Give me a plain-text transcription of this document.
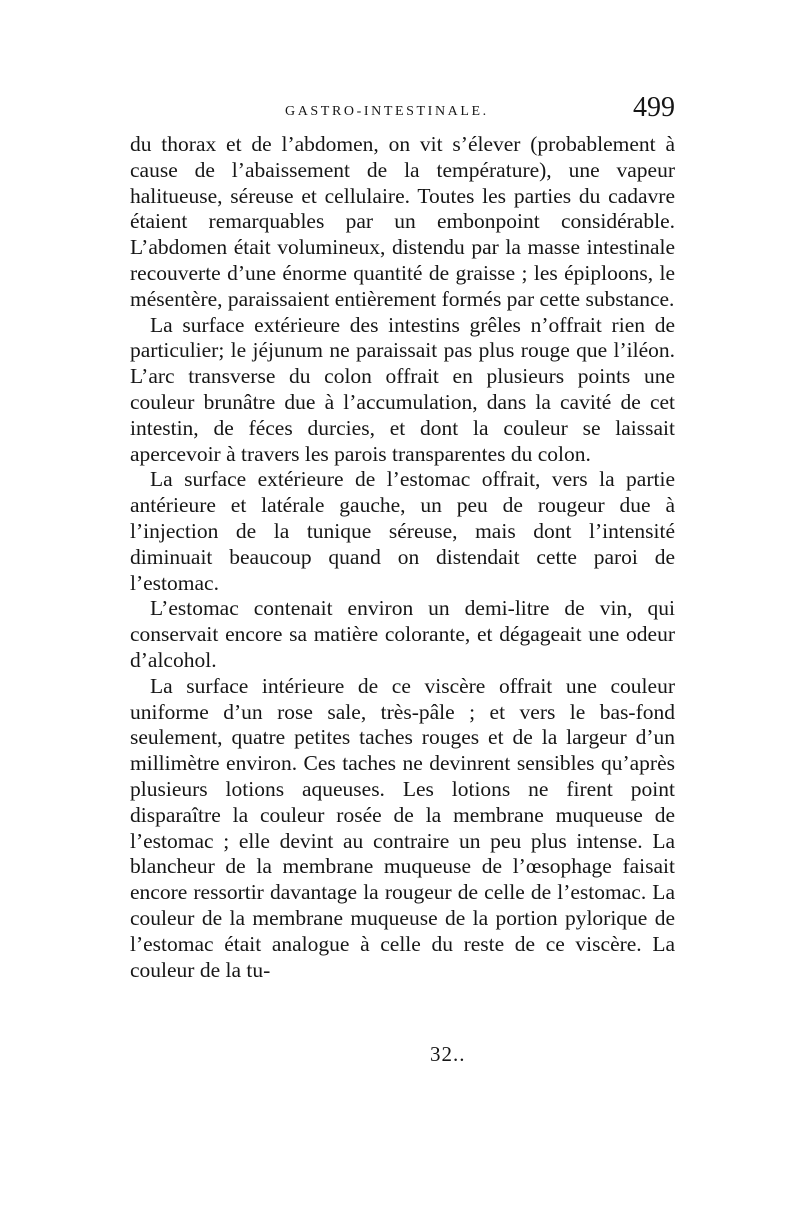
GASTRO-INTESTINALE.	499

du thorax et de l’abdomen, on vit s’élever (probablement à cause de l’abaissement de la température), une vapeur halitueuse, séreuse et cellulaire. Toutes les parties du cadavre étaient remarquables par un embonpoint considérable. L’abdomen était volumineux, distendu par la masse intestinale recouverte d’une énorme quantité de graisse ; les épiploons, le mésentère, paraissaient entièrement formés par cette substance.

La surface extérieure des intestins grêles n’offrait rien de particulier; le jéjunum ne paraissait pas plus rouge que l’iléon. L’arc transverse du colon offrait en plusieurs points une couleur brunâtre due à l’accumulation, dans la cavité de cet intestin, de féces durcies, et dont la couleur se laissait apercevoir à travers les parois transparentes du colon.

La surface extérieure de l’estomac offrait, vers la partie antérieure et latérale gauche, un peu de rougeur due à l’injection de la tunique séreuse, mais dont l’intensité diminuait beaucoup quand on distendait cette paroi de l’estomac.

L’estomac contenait environ un demi-litre de vin, qui conservait encore sa matière colorante, et dégageait une odeur d’alcohol.

La surface intérieure de ce viscère offrait une couleur uniforme d’un rose sale, très-pâle ; et vers le bas-fond seulement, quatre petites taches rouges et de la largeur d’un millimètre environ. Ces taches ne devinrent sensibles qu’après plusieurs lotions aqueuses. Les lotions ne firent point disparaître la couleur rosée de la membrane muqueuse de l’estomac ; elle devint au contraire un peu plus intense. La blancheur de la membrane muqueuse de l’œsophage faisait encore ressortir davantage la rougeur de celle de l’estomac. La couleur de la membrane muqueuse de la portion pylorique de l’estomac était analogue à celle du reste de ce viscère. La couleur de la tu-

32..
